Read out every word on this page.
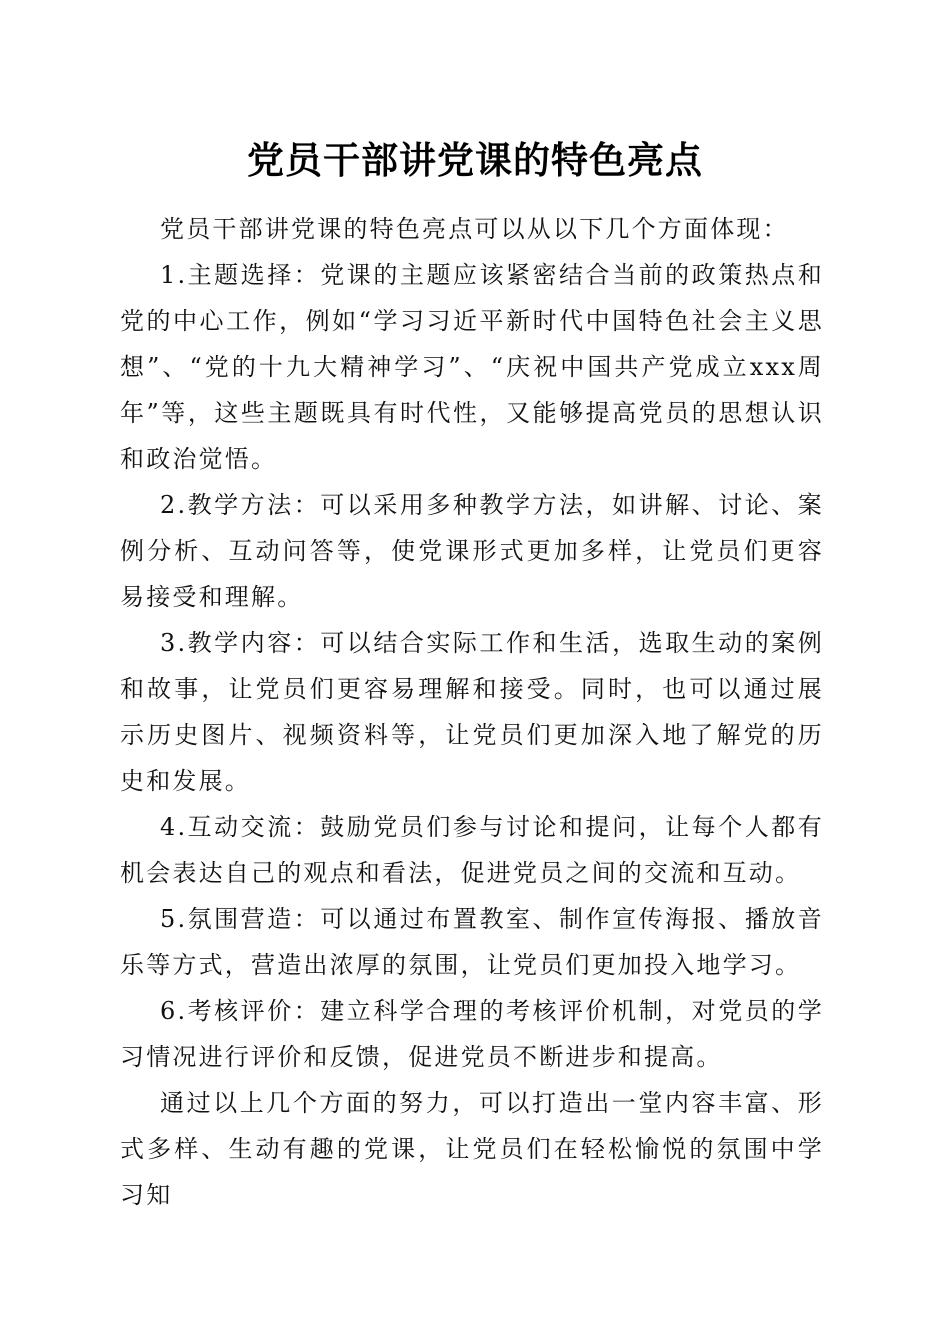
党员干部讲党课的特色亮点

党员干部讲党课的特色亮点可以从以下几个方面体现：

1.主题选择：党课的主题应该紧密结合当前的政策热点和党的中心工作，例如“学习习近平新时代中国特色社会主义思想”、“党的十九大精神学习”、“庆祝中国共产党成立xxx周年”等，这些主题既具有时代性，又能够提高党员的思想认识和政治觉悟。

2.教学方法：可以采用多种教学方法，如讲解、讨论、案例分析、互动问答等，使党课形式更加多样，让党员们更容易接受和理解。

3.教学内容：可以结合实际工作和生活，选取生动的案例和故事，让党员们更容易理解和接受。同时，也可以通过展示历史图片、视频资料等，让党员们更加深入地了解党的历史和发展。

4.互动交流：鼓励党员们参与讨论和提问，让每个人都有机会表达自己的观点和看法，促进党员之间的交流和互动。

5.氛围营造：可以通过布置教室、制作宣传海报、播放音乐等方式，营造出浓厚的氛围，让党员们更加投入地学习。

6.考核评价：建立科学合理的考核评价机制，对党员的学习情况进行评价和反馈，促进党员不断进步和提高。

通过以上几个方面的努力，可以打造出一堂内容丰富、形式多样、生动有趣的党课，让党员们在轻松愉悦的氛围中学习知
